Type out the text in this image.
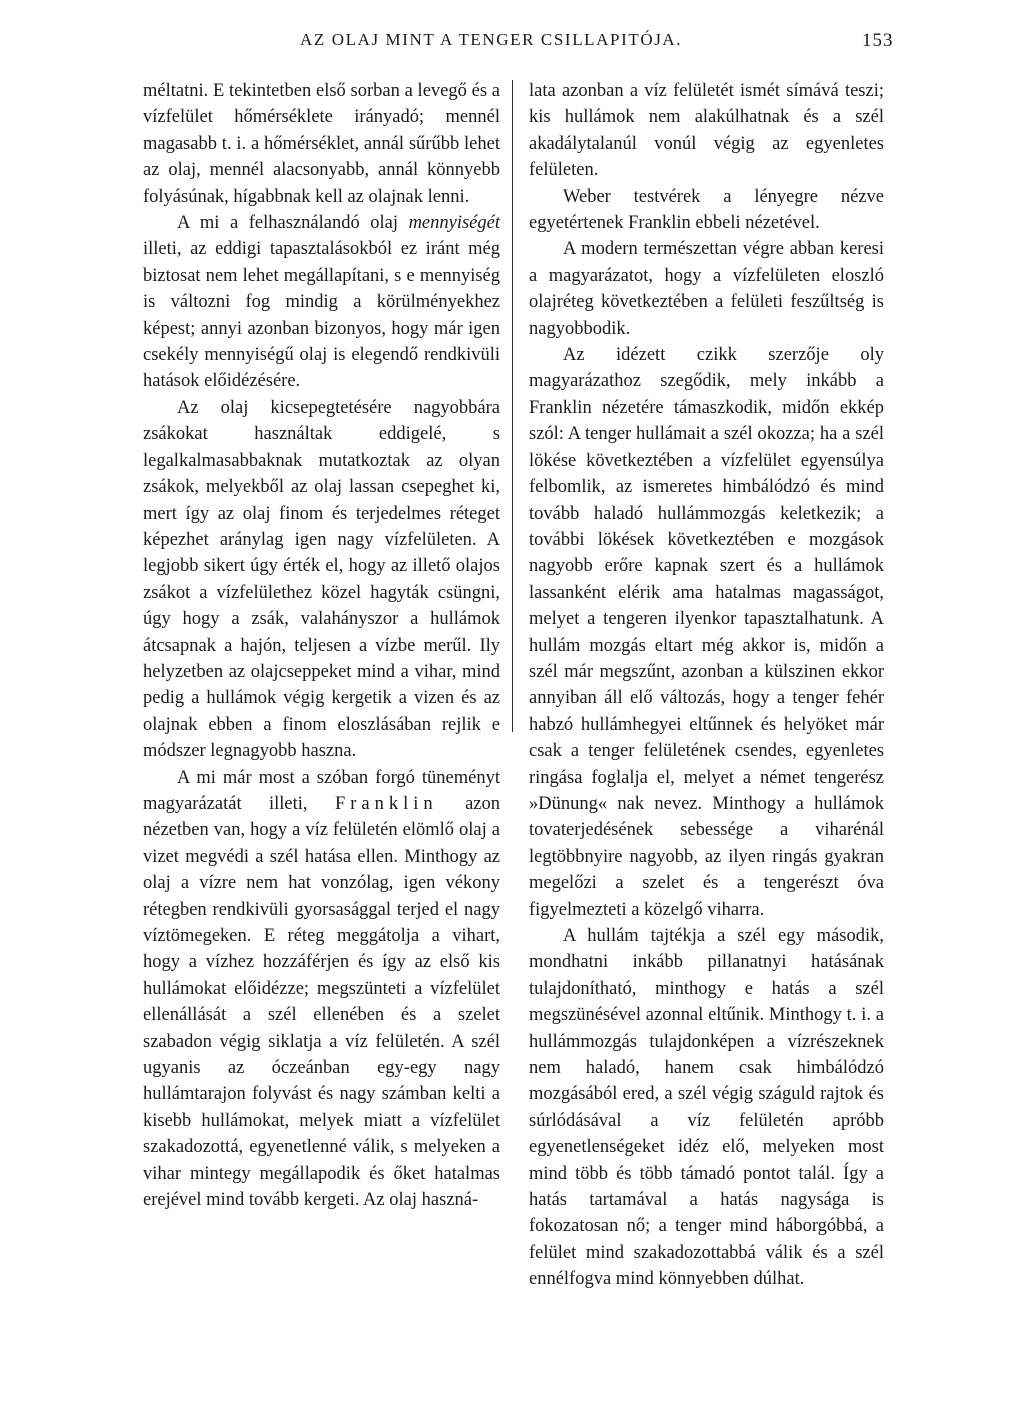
AZ OLAJ MINT A TENGER CSILLAPITÓJA.	153

méltatni. E tekintetben első sorban a levegő és a vízfelület hőmérséklete irányadó; mennél magasabb t. i. a hőmérséklet, annál sűrűbb lehet az olaj, mennél alacsonyabb, annál könnyebb folyásúnak, hígabbnak kell az olajnak lenni.

A mi a felhasználandó olaj mennyiségét illeti, az eddigi tapasztalásokból ez iránt még biztosat nem lehet megállapítani, s e mennyiség is változni fog mindig a körülményekhez képest; annyi azonban bizonyos, hogy már igen csekély mennyiségű olaj is elegendő rendkivüli hatások előidézésére.

Az olaj kicsepegtetésére nagyobbára zsákokat használtak eddigelé, s legalkalmasabbaknak mutatkoztak az olyan zsákok, melyekből az olaj lassan csepeghet ki, mert így az olaj finom és terjedelmes réteget képezhet aránylag igen nagy vízfelületen. A legjobb sikert úgy érték el, hogy az illető olajos zsákot a vízfelülethez közel hagyták csüngni, úgy hogy a zsák, valahányszor a hullámok átcsapnak a hajón, teljesen a vízbe merűl. Ily helyzetben az olajcseppeket mind a vihar, mind pedig a hullámok végig kergetik a vizen és az olajnak ebben a finom eloszlásában rejlik e módszer legnagyobb haszna.

A mi már most a szóban forgó tüneményt magyarázatát illeti, Franklin azon nézetben van, hogy a víz felületén elömlő olaj a vizet megvédi a szél hatása ellen. Minthogy az olaj a vízre nem hat vonzólag, igen vékony rétegben rendkivüli gyorsasággal terjed el nagy víztömegeken. E réteg meggátolja a vihart, hogy a vízhez hozzáférjen és így az első kis hullámokat előidézze; megszünteti a vízfelület ellenállását a szél ellenében és a szelet szabadon végig siklatja a víz felületén. A szél ugyanis az óczeánban egy-egy nagy hullámtarajon folyvást és nagy számban kelti a kisebb hullámokat, melyek miatt a vízfelület szakadozottá, egyenetlenné válik, s melyeken a vihar mintegy megállapodik és őket hatalmas erejével mind tovább kergeti. Az olaj haszná-

lata azonban a víz felületét ismét símává teszi; kis hullámok nem alakúlhatnak és a szél akadálytalanúl vonúl végig az egyenletes felületen.

Weber testvérek a lényegre nézve egyetértenek Franklin ebbeli nézetével.

A modern természettan végre abban keresi a magyarázatot, hogy a vízfelületen eloszló olajréteg következtében a felületi feszűltség is nagyobbodik.

Az idézett czikk szerzője oly magyarázathoz szegődik, mely inkább a Franklin nézetére támaszkodik, midőn ekkép szól: A tenger hullámait a szél okozza; ha a szél lökése következtében a vízfelület egyensúlya felbomlik, az ismeretes himbálódzó és mind tovább haladó hullámmozgás keletkezik; a további lökések következtében e mozgások nagyobb erőre kapnak szert és a hullámok lassanként elérik ama hatalmas magasságot, melyet a tengeren ilyenkor tapasztalhatunk. A hullám mozgás eltart még akkor is, midőn a szél már megszűnt, azonban a külszinen ekkor annyiban áll elő változás, hogy a tenger fehér habzó hullámhegyei eltűnnek és helyöket már csak a tenger felületének csendes, egyenletes ringása foglalja el, melyet a német tengerész »Dünung« nak nevez. Minthogy a hullámok tovaterjedésének sebessége a viharénál legtöbbnyire nagyobb, az ilyen ringás gyakran megelőzi a szelet és a tengerészt óva figyelmezteti a közelgő viharra.

A hullám tajtékja a szél egy második, mondhatni inkább pillanatnyi hatásának tulajdonítható, minthogy e hatás a szél megszünésével azonnal eltűnik. Minthogy t. i. a hullámmozgás tulajdonképen a vízrészeknek nem haladó, hanem csak himbálódzó mozgásából ered, a szél végig száguld rajtok és súrlódásával a víz felületén apróbb egyenetlenségeket idéz elő, melyeken most mind több és több támadó pontot talál. Így a hatás tartamával a hatás nagysága is fokozatosan nő; a tenger mind háborgóbbá, a felület mind szakadozottabbá válik és a szél ennélfogva mind könnyebben dúlhat.
